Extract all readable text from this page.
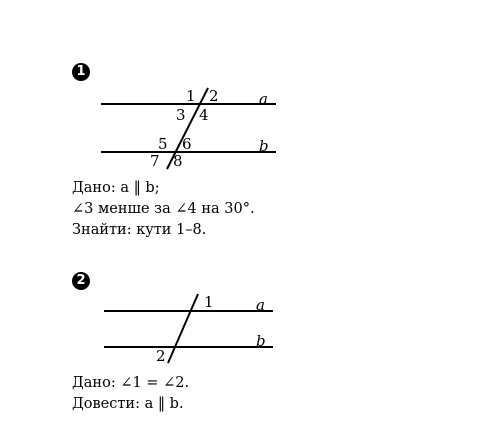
1
a
b
1 2
3 4
5 6
7 8
a
b
1
2
Дано: a ‖ b;
∠3 менше за ∠4 на 30°.
Знайти: кути 1–8.
2
Дано: ∠1 = ∠2.
Довести: a ‖ b.
